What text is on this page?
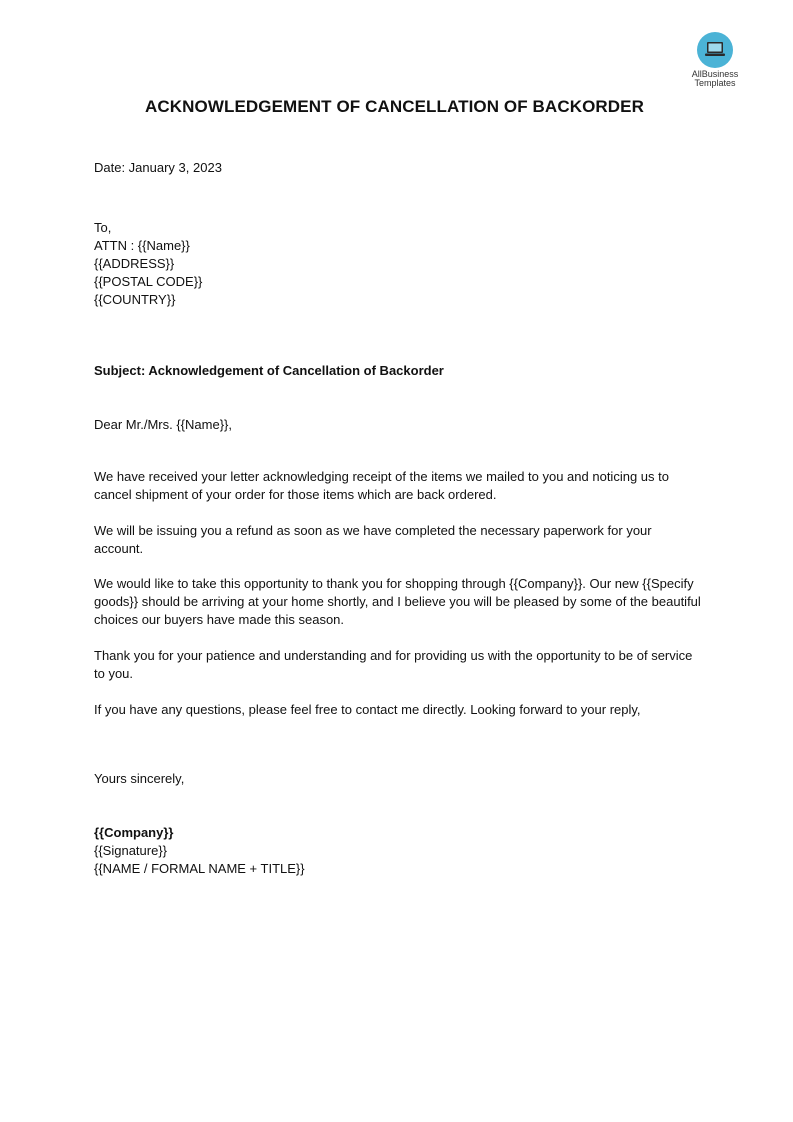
AllBusiness
Templates
ACKNOWLEDGEMENT OF CANCELLATION OF BACKORDER
Date: January 3, 2023
To,
ATTN : {{Name}}
{{ADDRESS}}
{{POSTAL CODE}}
{{COUNTRY}}
Subject: Acknowledgement of Cancellation of Backorder
Dear Mr./Mrs. {{Name}},
We have received your letter acknowledging receipt of the items we mailed to you and noticing us to cancel shipment of your order for those items which are back ordered.
We will be issuing you a refund as soon as we have completed the necessary paperwork for your account.
We would like to take this opportunity to thank you for shopping through {{Company}}. Our new {{Specify goods}} should be arriving at your home shortly, and I believe you will be pleased by some of the beautiful choices our buyers have made this season.
Thank you for your patience and understanding and for providing us with the opportunity to be of service to you.
If you have any questions, please feel free to contact me directly. Looking forward to your reply,
Yours sincerely,
{{Company}}
{{Signature}}
{{NAME / FORMAL NAME + TITLE}}
